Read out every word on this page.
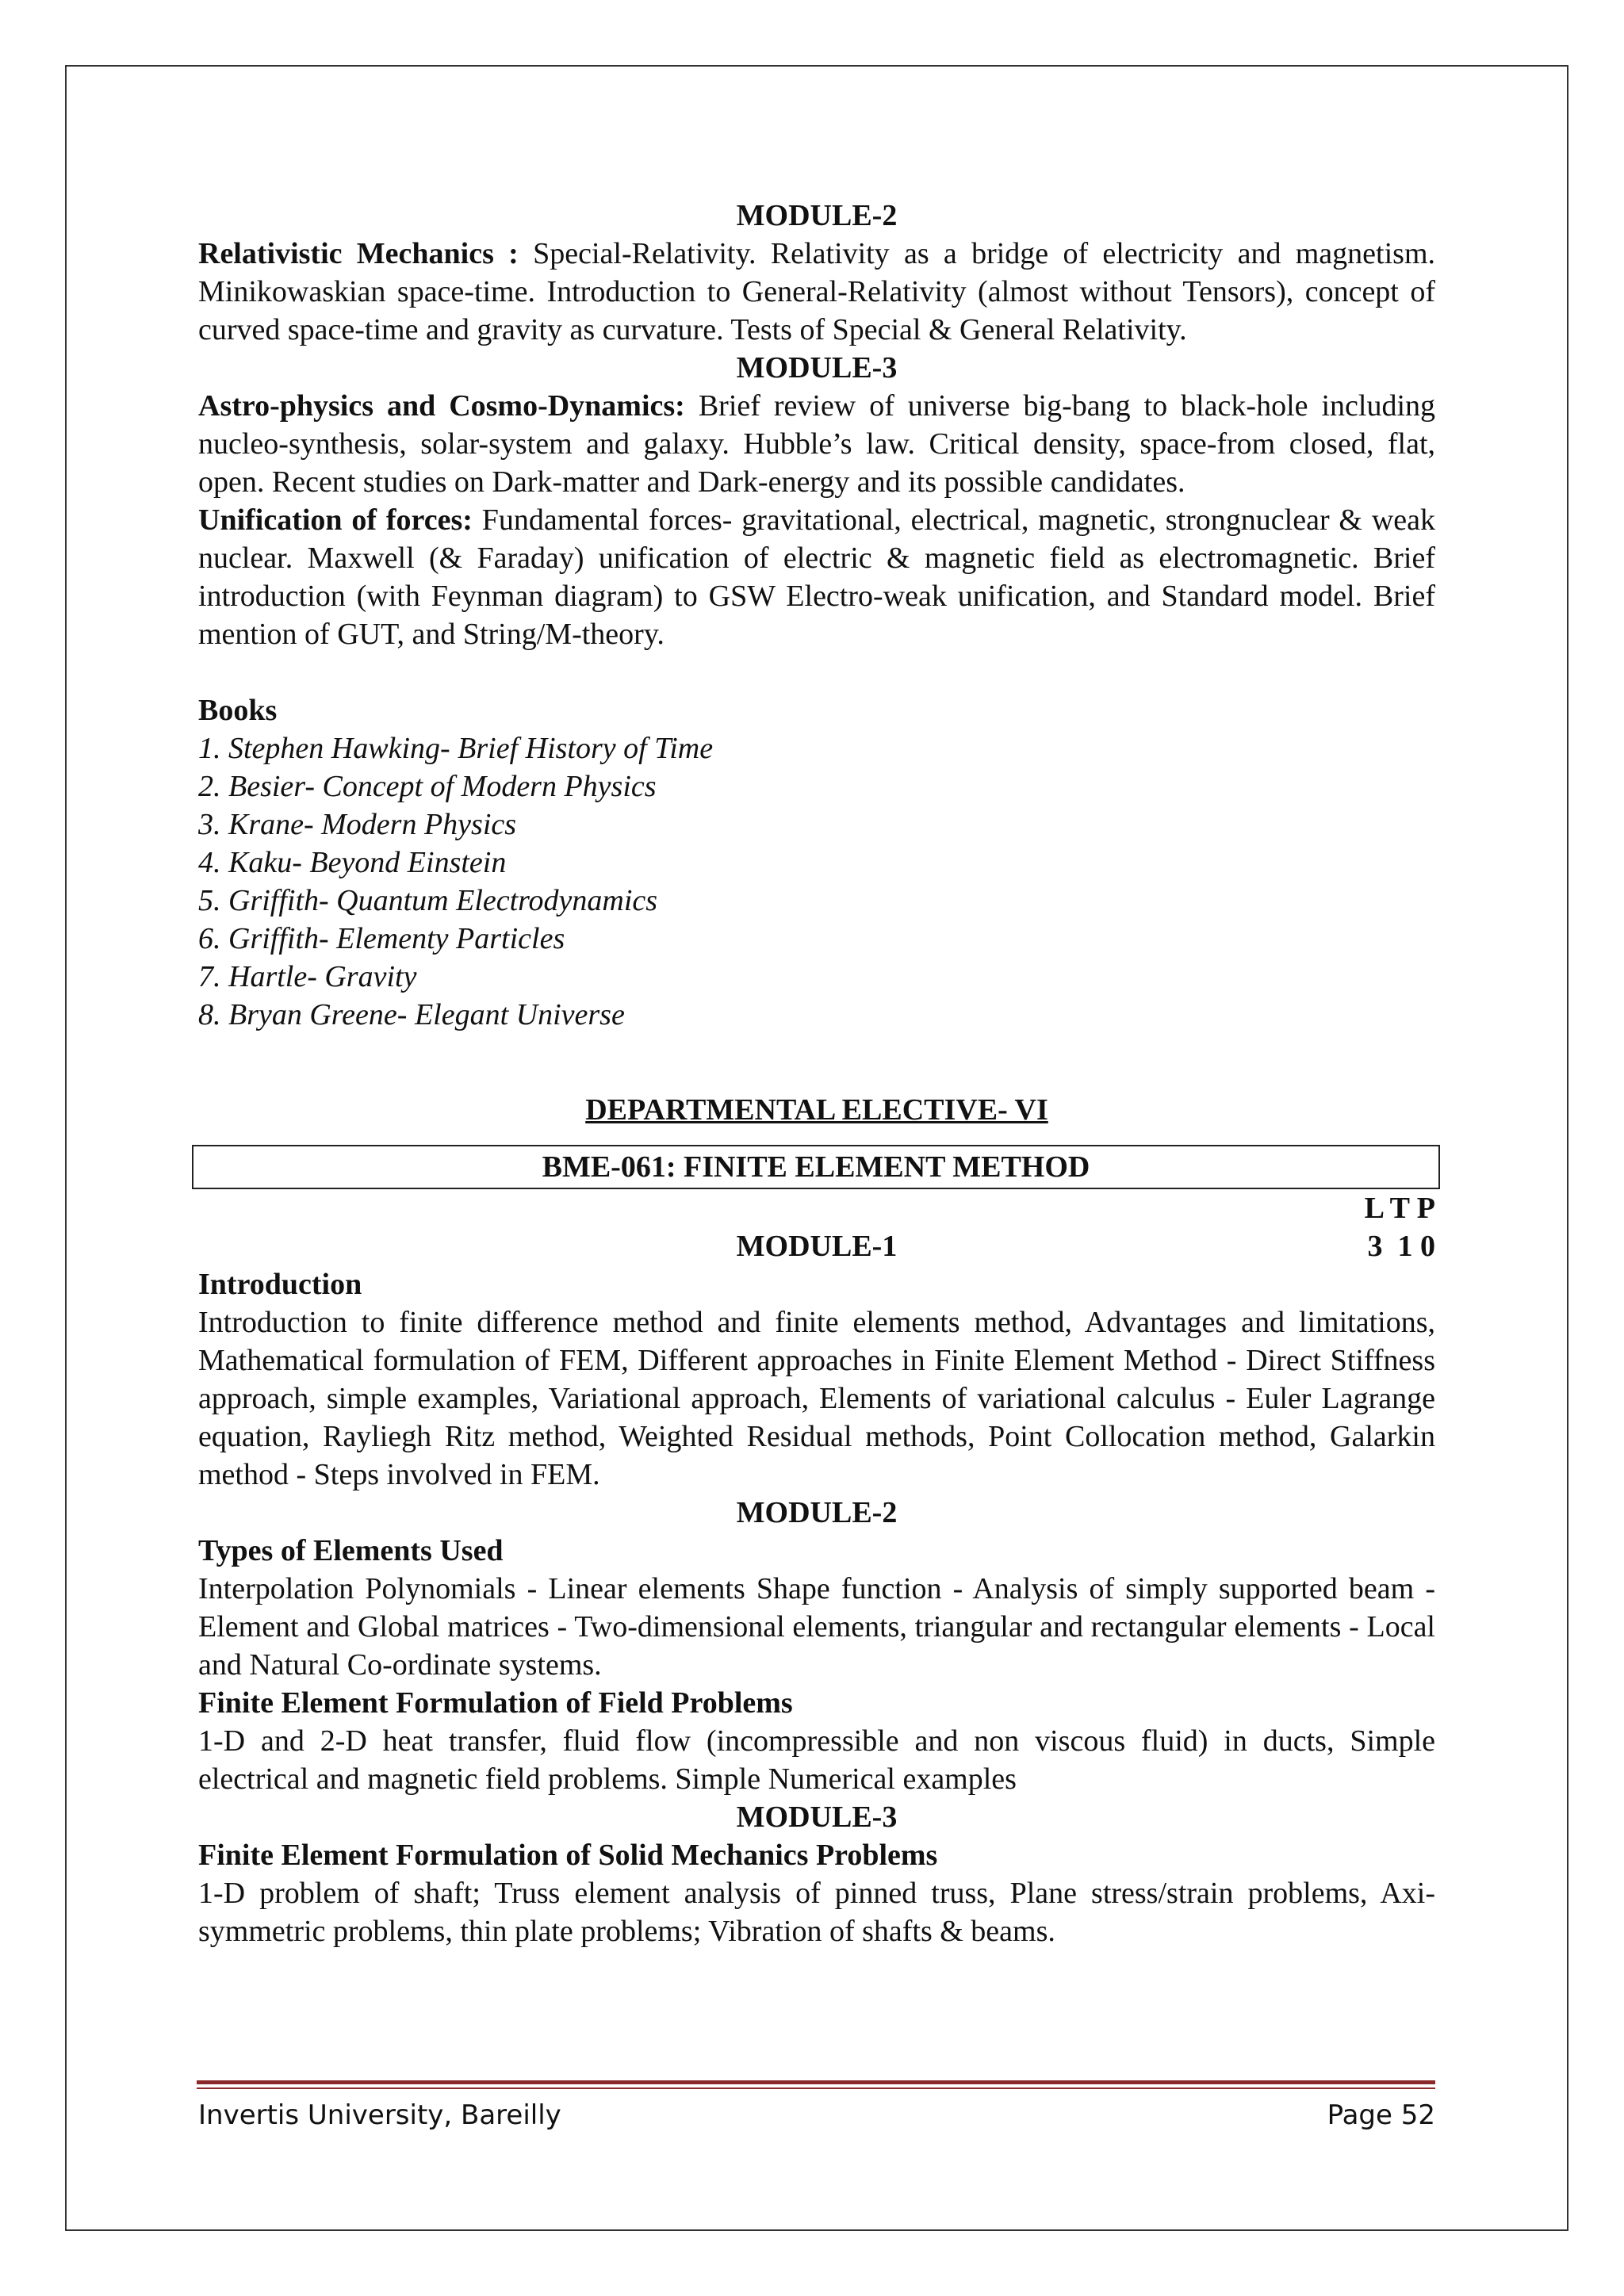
MODULE-2

Relativistic Mechanics : Special-Relativity. Relativity as a bridge of electricity and magnetism. Minikowaskian space-time. Introduction to General-Relativity (almost without Tensors), concept of curved space-time and gravity as curvature. Tests of Special & General Relativity.

MODULE-3

Astro-physics and Cosmo-Dynamics: Brief review of universe big-bang to black-hole including nucleo-synthesis, solar-system and galaxy. Hubble’s law. Critical density, space-from closed, flat, open. Recent studies on Dark-matter and Dark-energy and its possible candidates.

Unification of forces: Fundamental forces- gravitational, electrical, magnetic, strongnuclear & weak nuclear. Maxwell (& Faraday) unification of electric & magnetic field as electromagnetic. Brief introduction (with Feynman diagram) to GSW Electro-weak unification, and Standard model. Brief mention of GUT, and String/M-theory.

Books
1. Stephen Hawking- Brief History of Time
2. Besier- Concept of Modern Physics
3. Krane- Modern Physics
4. Kaku- Beyond Einstein
5. Griffith- Quantum Electrodynamics
6. Griffith- Elementy Particles
7. Hartle- Gravity
8. Bryan Greene- Elegant Universe
DEPARTMENTAL ELECTIVE- VI
BME-061: FINITE ELEMENT METHOD
L T P
3  1 0
MODULE-1
Introduction

Introduction to finite difference method and finite elements method, Advantages and limitations, Mathematical formulation of FEM, Different approaches in Finite Element Method - Direct Stiffness approach, simple examples, Variational approach, Elements of variational calculus - Euler Lagrange equation, Rayliegh Ritz method, Weighted Residual methods, Point Collocation method, Galarkin method - Steps involved in FEM.

MODULE-2
Types of Elements Used

Interpolation Polynomials - Linear elements Shape function - Analysis of simply supported beam - Element and Global matrices - Two-dimensional elements, triangular and rectangular elements - Local and Natural Co-ordinate systems.

Finite Element Formulation of Field Problems

1-D and 2-D heat transfer, fluid flow (incompressible and non viscous fluid) in ducts, Simple electrical and magnetic field problems. Simple Numerical examples

MODULE-3
Finite Element Formulation of Solid Mechanics Problems

1-D problem of shaft; Truss element analysis of pinned truss, Plane stress/strain problems, Axi-symmetric problems, thin plate problems; Vibration of shafts & beams.

Invertis University, Bareilly	Page 52
